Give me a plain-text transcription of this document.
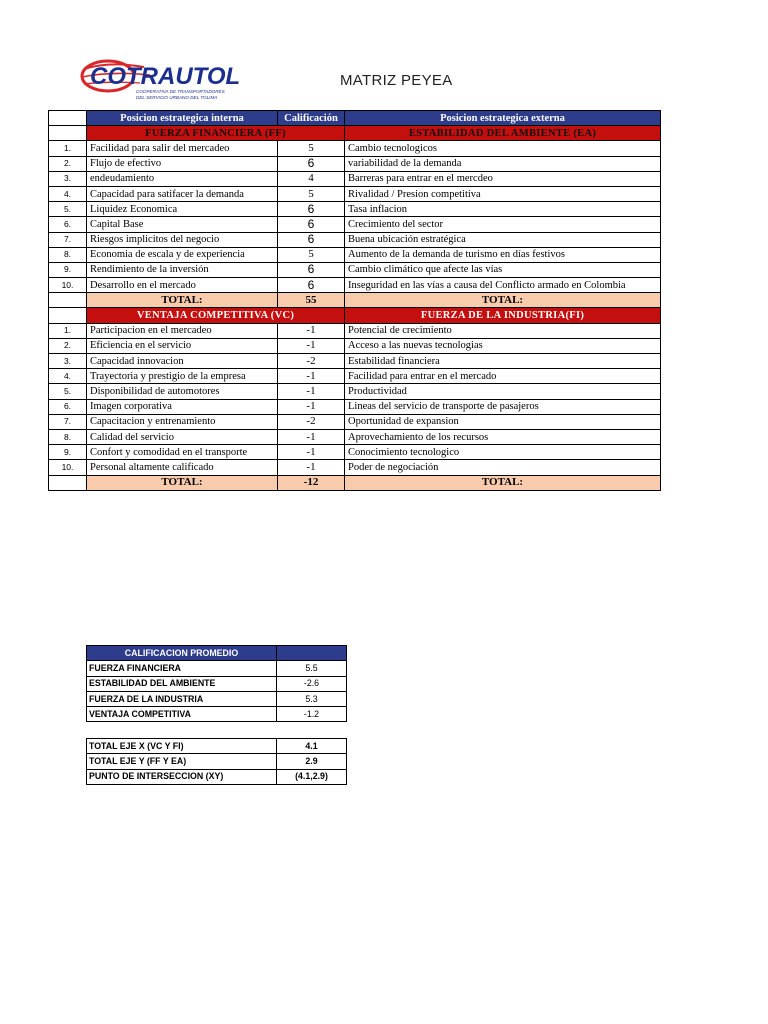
COTRAUTOL
COOPERATIVA DE TRANSPORTADORES
DEL SERVICIO URBANO DEL TOLIMA
MATRIZ PEYEA
	Posicion estrategica interna	Calificación	Posicion estrategica externa
	FUERZA FINANCIERA (FF)		ESTABILIDAD DEL AMBIENTE (EA)
1.	Facilidad para salir del mercadeo	5	Cambio tecnologicos
2.	Flujo de efectivo	6	variabilidad de la demanda
3.	endeudamiento	4	Barreras para entrar en el mercdeo
4.	Capacidad para satifacer la demanda	5	Rivalidad / Presion competitiva
5.	Liquidez Economica	6	Tasa inflacion
6.	Capital Base	6	Crecimiento del sector
7.	Riesgos implicitos del negocio	6	Buena ubicación estratégica
8.	Economia de escala y de experiencia	5	Aumento de la demanda de turismo en días festivos
9.	Rendimiento de la inversión	6	Cambio climático que afecte las vías
10.	Desarrollo en el mercado	6	Inseguridad en las vías a causa del Conflicto armado en Colombia
	TOTAL:	55	TOTAL:
	VENTAJA COMPETITIVA (VC)		FUERZA DE LA INDUSTRIA(FI)
1.	Participacion en el mercadeo	-1	Potencial de crecimiento
2.	Eficiencia en el servicio	-1	Acceso a las nuevas tecnologias
3.	Capacidad innovacion	-2	Estabilidad financiera
4.	Trayectoria y prestigio de la empresa	-1	Facilidad para entrar en el mercado
5.	Disponibilidad de automotores	-1	Productividad
6.	Imagen corporativa	-1	Lineas del servicio de transporte de pasajeros
7.	Capacitacion y entrenamiento	-2	Oportunidad de expansion
8.	Calidad del servicio	-1	Aprovechamiento de los recursos
9.	Confort y comodidad en el transporte	-1	Conocimiento tecnologico
10.	Personal altamente calificado	-1	Poder de negociación
	TOTAL:	-12	TOTAL:
CALIFICACION PROMEDIO	
FUERZA FINANCIERA	5.5
ESTABILIDAD DEL AMBIENTE	-2.6
FUERZA DE LA INDUSTRIA	5.3
VENTAJA COMPETITIVA	-1.2
TOTAL EJE X (VC Y FI)	4.1
TOTAL EJE Y (FF Y EA)	2.9
PUNTO DE INTERSECCION (XY)	(4.1,2.9)
